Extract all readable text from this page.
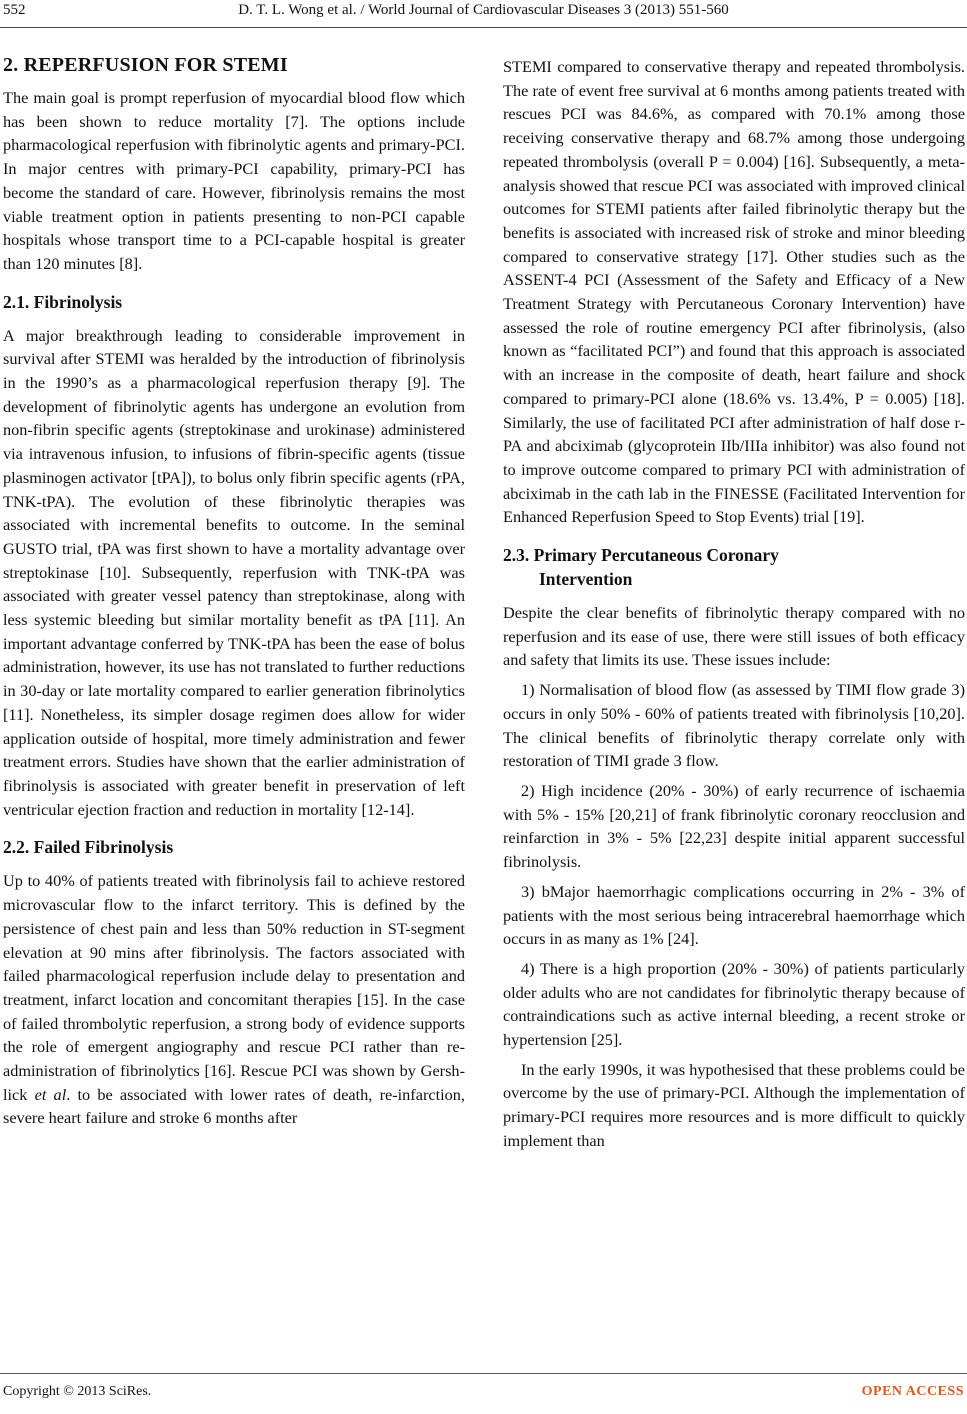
552	D. T. L. Wong et al. / World Journal of Cardiovascular Diseases 3 (2013) 551-560
2. REPERFUSION FOR STEMI

The main goal is prompt reperfusion of myocardial blood flow which has been shown to reduce mortality [7]. The options include pharmacological reperfusion with fibrinolytic agents and primary-PCI. In major centres with primary-PCI capability, primary-PCI has become the standard of care. However, fibrinolysis remains the most viable treatment option in patients presenting to non-PCI capable hospitals whose transport time to a PCI-capable hospital is greater than 120 minutes [8].

2.1. Fibrinolysis

A major breakthrough leading to considerable improvement in survival after STEMI was heralded by the introduction of fibrinolysis in the 1990’s as a pharmacological reperfusion therapy [9]. The development of fibrinolytic agents has undergone an evolution from non-fibrin specific agents (streptokinase and urokinase) administered via intravenous infusion, to infusions of fibrin-specific agents (tissue plasminogen activator [tPA]), to bolus only fibrin specific agents (rPA, TNK-tPA). The evolution of these fibrinolytic therapies was associated with incremental benefits to outcome. In the seminal GUSTO trial, tPA was first shown to have a mortality advantage over streptokinase [10]. Subsequently, reperfusion with TNK-tPA was associated with greater vessel patency than streptokinase, along with less systemic bleeding but similar mortality benefit as tPA [11]. An important advantage conferred by TNK-tPA has been the ease of bolus administration, however, its use has not translated to further reductions in 30-day or late mortality compared to earlier generation fibrinolytics [11]. Nonetheless, its simpler dosage regimen does allow for wider application outside of hospital, more timely administration and fewer treatment errors. Studies have shown that the earlier administration of fibrinolysis is associated with greater benefit in preservation of left ventricular ejection fraction and reduction in mortality [12-14].

2.2. Failed Fibrinolysis

Up to 40% of patients treated with fibrinolysis fail to achieve restored microvascular flow to the infarct territory. This is defined by the persistence of chest pain and less than 50% reduction in ST-segment elevation at 90 mins after fibrinolysis. The factors associated with failed pharmacological reperfusion include delay to presentation and treatment, infarct location and concomitant therapies [15]. In the case of failed thrombolytic reperfusion, a strong body of evidence supports the role of emergent angiography and rescue PCI rather than re-administration of fibrinolytics [16]. Rescue PCI was shown by Gershlick et al. to be associated with lower rates of death, re-infarction, severe heart failure and stroke 6 months after

STEMI compared to conservative therapy and repeated thrombolysis. The rate of event free survival at 6 months among patients treated with rescues PCI was 84.6%, as compared with 70.1% among those receiving conservative therapy and 68.7% among those undergoing repeated thrombolysis (overall P = 0.004) [16]. Subsequently, a meta-analysis showed that rescue PCI was associated with improved clinical outcomes for STEMI patients after failed fibrinolytic therapy but the benefits is associated with increased risk of stroke and minor bleeding compared to conservative strategy [17]. Other studies such as the ASSENT-4 PCI (Assessment of the Safety and Efficacy of a New Treatment Strategy with Percutaneous Coronary Intervention) have assessed the role of routine emergency PCI after fibrinolysis, (also known as “facilitated PCI”) and found that this approach is associated with an increase in the composite of death, heart failure and shock compared to primary-PCI alone (18.6% vs. 13.4%, P = 0.005) [18]. Similarly, the use of facilitated PCI after administration of half dose r-PA and abciximab (glycoprotein IIb/IIIa inhibitor) was also found not to improve outcome compared to primary PCI with administration of abciximab in the cath lab in the FINESSE (Facilitated Intervention for Enhanced Reperfusion Speed to Stop Events) trial [19].

2.3. Primary Percutaneous Coronary
Intervention

Despite the clear benefits of fibrinolytic therapy compared with no reperfusion and its ease of use, there were still issues of both efficacy and safety that limits its use. These issues include:

1) Normalisation of blood flow (as assessed by TIMI flow grade 3) occurs in only 50% - 60% of patients treated with fibrinolysis [10,20]. The clinical benefits of fibrinolytic therapy correlate only with restoration of TIMI grade 3 flow.

2) High incidence (20% - 30%) of early recurrence of ischaemia with 5% - 15% [20,21] of frank fibrinolytic coronary reocclusion and reinfarction in 3% - 5% [22,23] despite initial apparent successful fibrinolysis.

3) bMajor haemorrhagic complications occurring in 2% - 3% of patients with the most serious being intracerebral haemorrhage which occurs in as many as 1% [24].

4) There is a high proportion (20% - 30%) of patients particularly older adults who are not candidates for fibrinolytic therapy because of contraindications such as active internal bleeding, a recent stroke or hypertension [25].

In the early 1990s, it was hypothesised that these problems could be overcome by the use of primary-PCI. Although the implementation of primary-PCI requires more resources and is more difficult to quickly implement than

Copyright © 2013 SciRes.	OPEN ACCESS
